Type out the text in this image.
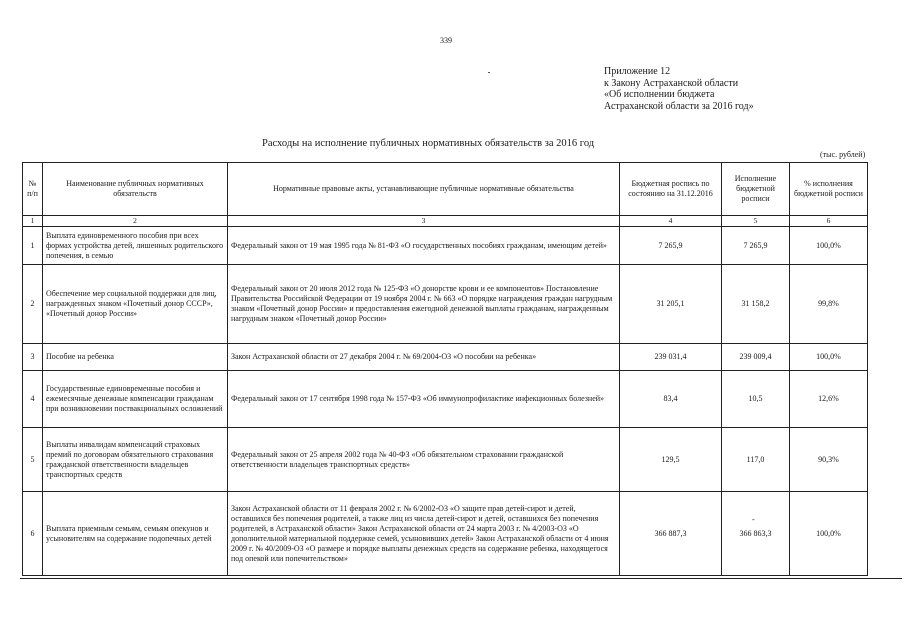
339
Приложение 12
к Закону Астраханской области
«Об исполнении бюджета
Астраханской области за 2016 год»
Расходы на исполнение публичных нормативных обязательств за 2016 год
(тыс. рублей)
№ п/п	Наименование публичных нормативных обязательств	Нормативные правовые акты, устанавливающие публичные нормативные обязательства	Бюджетная роспись по состоянию на 31.12.2016	Исполнение бюджетной росписи	% исполнения бюджетной росписи
1	2	3	4	5	6
1	Выплата единовременного пособия при всех формах устройства детей, лишенных родительского попечения, в семью	Федеральный закон от 19 мая 1995 года № 81-ФЗ «О государственных пособиях гражданам, имеющим детей»	7 265,9	7 265,9	100,0%
2	Обеспечение мер социальной поддержки для лиц, награжденных знаком «Почетный донор СССР», «Почетный донор России»	Федеральный закон от 20 июля 2012 года № 125-ФЗ «О донорстве крови и ее компонентов» Постановление Правительства Российской Федерации от 19 ноября 2004 г. № 663 «О порядке награждения граждан нагрудным знаком «Почетный донор России» и предоставления ежегодной денежной выплаты гражданам, награжденным нагрудным знаком «Почетный донор России»	31 205,1	31 158,2	99,8%
3	Пособие на ребенка	Закон Астраханской области от 27 декабря 2004 г. № 69/2004-ОЗ «О пособии на ребенка»	239 031,4	239 009,4	100,0%
4	Государственные единовременные пособия и ежемесячные денежные компенсации гражданам при возникновении поствакцинальных осложнений	Федеральный закон от 17 сентября 1998 года № 157-ФЗ «Об иммунопрофилактике инфекционных болезней»	83,4	10,5	12,6%
5	Выплаты инвалидам компенсаций страховых премий по договорам обязательного страхования гражданской ответственности владельцев транспортных средств	Федеральный закон от 25 апреля 2002 года № 40-ФЗ «Об обязательном страховании гражданской ответственности владельцев транспортных средств»	129,5	117,0	90,3%
6	Выплата приемным семьям, семьям опекунов и усыновителям на содержание подопечных детей	Закон Астраханской области от 11 февраля 2002 г. № 6/2002-ОЗ «О защите прав детей-сирот и детей, оставшихся без попечения родителей, а также лиц из числа детей-сирот и детей, оставшихся без попечения родителей, в Астраханской области» Закон Астраханской области от 24 марта 2003 г. № 4/2003-ОЗ «О дополнительной материальной поддержке семей, усыновивших детей» Закон Астраханской области от 4 июня 2009 г. № 40/2009-ОЗ «О размере и порядке выплаты денежных средств на содержание ребенка, находящегося под опекой или попечительством»	366 887,3	366 863,3	100,0%
-
